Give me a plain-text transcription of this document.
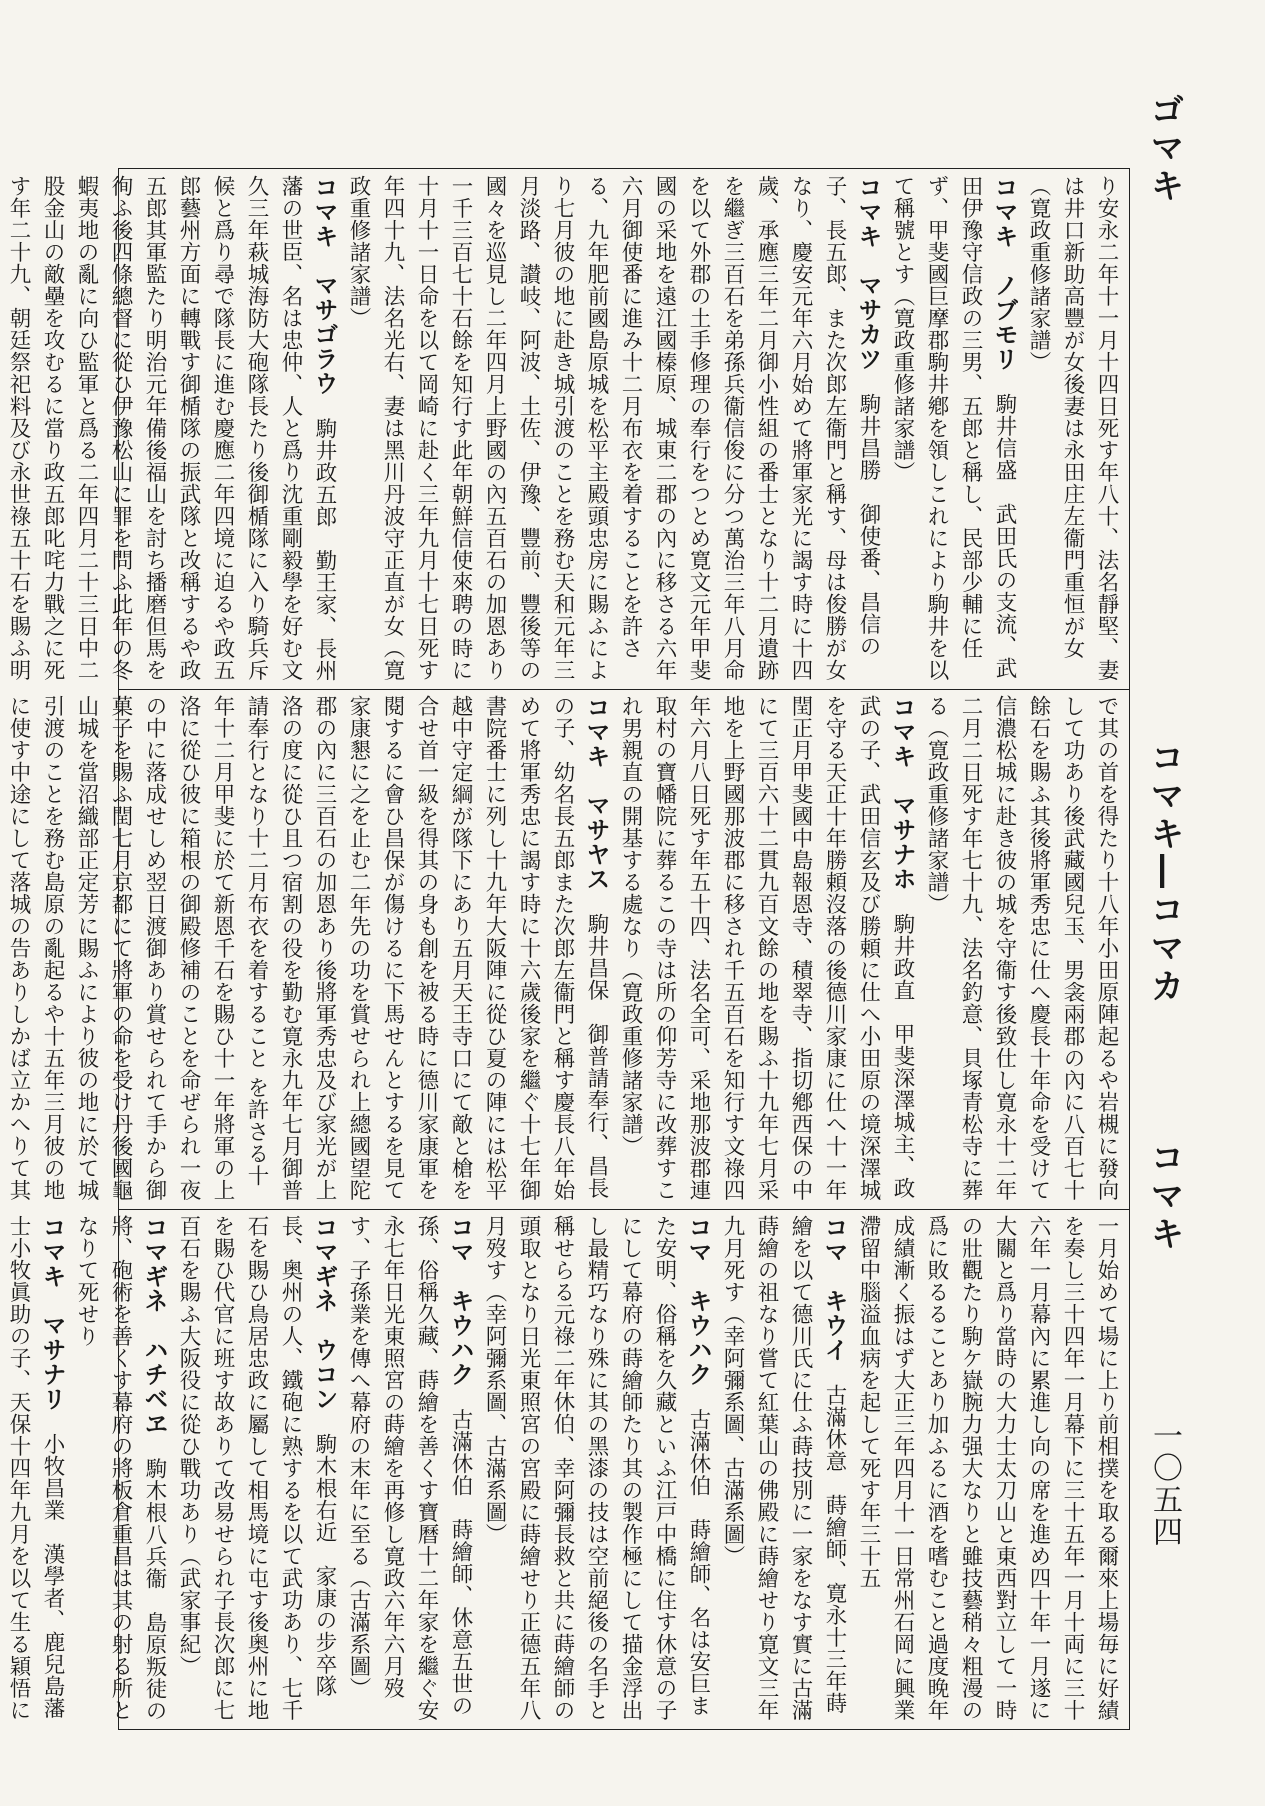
ゴマキ
コマキ―コマカ
コマキ
一〇五四

り安永二年十一月十四日死す年八十、法名靜堅、妻は井口新助高豐が女後妻は永田庄左衞門重恒が女（寛政重修諸家譜）

コマキ　ノブモリ　駒井信盛　武田氏の支流、武田伊豫守信政の三男、五郎と稱し、民部少輔に任ず、甲斐國巨摩郡駒井鄕を領しこれにより駒井を以て稱號とす（寛政重修諸家譜）

コマキ　マサカツ　駒井昌勝　御使番、昌信の子、長五郎、また次郎左衞門と稱す、母は俊勝が女なり、慶安元年六月始めて將軍家光に謁す時に十四歲、承應三年二月御小性組の番士となり十二月遺跡を繼ぎ三百石を弟孫兵衞信俊に分つ萬治三年八月命を以て外郡の土手修理の奉行をつとめ寛文元年甲斐國の采地を遠江國榛原、城東二郡の內に移さる六年六月御使番に進み十二月布衣を着することを許さる、九年肥前國島原城を松平主殿頭忠房に賜ふにより七月彼の地に赴き城引渡のことを務む天和元年三月淡路、讃岐、阿波、土佐、伊豫、豐前、豐後等の國々を巡見し二年四月上野國の內五百石の加恩あり一千三百七十石餘を知行す此年朝鮮信使來聘の時に十月十一日命を以て岡崎に赴く三年九月十七日死す年四十九、法名光右、妻は黑川丹波守正直が女（寛政重修諸家譜）

コマキ　マサゴラウ　駒井政五郎　勤王家、長州藩の世臣、名は忠仲、人と爲り沈重剛毅學を好む文久三年萩城海防大砲隊長たり後御楯隊に入り騎兵斥候と爲り尋で隊長に進む慶應二年四境に迫るや政五郎藝州方面に轉戰す御楯隊の振武隊と改稱するや政五郎其軍監たり明治元年備後福山を討ち播磨但馬を徇ふ後四條總督に從ひ伊豫松山に罪を問ふ此年の冬蝦夷地の亂に向ひ監軍と爲る二年四月二十三日中二股金山の敵壘を攻むるに當り政五郎叱咤力戰之に死す年二十九、朝廷祭祀料及び永世祿五十石を賜ふ明

で其の首を得たり十八年小田原陣起るや岩槻に發向して功あり後武藏國兒玉、男衾兩郡の內に八百七十餘石を賜ふ其後將軍秀忠に仕へ慶長十年命を受けて信濃松城に赴き彼の城を守衞す後致仕し寛永十二年二月二日死す年七十九、法名釣意、貝塚青松寺に葬る（寛政重修諸家譜）

コマキ　マサナホ　駒井政直　甲斐深澤城主、政武の子、武田信玄及び勝頼に仕へ小田原の境深澤城を守る天正十年勝頼沒落の後德川家康に仕へ十一年閏正月甲斐國中島報恩寺、積翠寺、指切鄕西保の中にて三百六十二貫九百文餘の地を賜ふ十九年七月采地を上野國那波郡に移され千五百石を知行す文祿四年六月八日死す年五十四、法名全可、采地那波郡連取村の寶幡院に葬るこの寺は所の仰芳寺に改葬すこれ男親直の開基する處なり（寛政重修諸家譜）

コマキ　マサヤス　駒井昌保　御普請奉行、昌長の子、幼名長五郎また次郎左衞門と稱す慶長八年始めて將軍秀忠に謁す時に十六歲後家を繼ぐ十七年御書院番士に列し十九年大阪陣に從ひ夏の陣には松平越中守定綱が隊下にあり五月天王寺口にて敵と槍を合せ首一級を得其の身も創を被る時に德川家康軍を閱するに會ひ昌保が傷けるに下馬せんとするを見て家康懇に之を止む二年先の功を賞せられ上總國望陀郡の內に三百石の加恩あり後將軍秀忠及び家光が上洛の度に從ひ且つ宿割の役を勤む寛永九年七月御普請奉行となり十二月布衣を着すること を許さる十年十二月甲斐に於て新恩千石を賜ひ十一年將軍の上洛に從ひ彼に箱根の御殿修補のことを命ぜられ一夜の中に落成せしめ翌日渡御あり賞せられて手から御菓子を賜ふ閏七月京都にて將軍の命を受け丹後國龜山城を當沼織部正定芳に賜ふにより彼の地に於て城引渡のことを務む島原の亂起るや十五年三月彼の地に使す中途にして落城の告ありしかば立かへりて其

一月始めて場に上り前相撲を取る爾來上場毎に好績を奏し三十四年一月幕下に三十五年一月十両に三十六年一月幕內に累進し向の席を進め四十年一月遂に大關と爲り當時の大力士太刀山と東西對立して一時の壯觀たり駒ケ嶽腕力强大なりと雖技藝稍々粗漫の爲に敗るることあり加ふるに酒を嗜むこと過度晚年成績漸く振はず大正三年四月十一日常州石岡に興業滯留中腦溢血病を起して死す年三十五

コマ　キウイ　古滿休意　蒔繪師、寛永十三年蒔繪を以て德川氏に仕ふ蒔技別に一家をなす實に古滿蒔繪の祖なり嘗て紅葉山の佛殿に蒔繪せり寛文三年九月死す（幸阿彌系圖、古滿系圖）

コマ　キウハク　古滿休伯　蒔繪師、名は安巨また安明、俗稱を久藏といふ江戸中橋に住す休意の子にして幕府の蒔繪師たり其の製作極にして描金浮出し最精巧なり殊に其の黑漆の技は空前絕後の名手と稱せらる元祿二年休伯、幸阿彌長救と共に蒔繪師の頭取となり日光東照宮の宮殿に蒔繪せり正德五年八月歿す（幸阿彌系圖、古滿系圖）

コマ　キウハク　古滿休伯　蒔繪師、休意五世の孫、俗稱久藏、蒔繪を善くす寶曆十二年家を繼ぐ安永七年日光東照宮の蒔繪を再修し寛政六年六月歿す、子孫業を傳へ幕府の末年に至る（古滿系圖）

コマギネ　ウコン　駒木根右近　家康の步卒隊長、奥州の人、鐵砲に熟するを以て武功あり、七千石を賜ひ鳥居忠政に屬して相馬境に屯す後奥州に地を賜ひ代官に班す故ありて改易せられ子長次郎に七百石を賜ふ大阪役に從ひ戰功あり（武家事紀）

コマギネ　ハチベヱ　駒木根八兵衞　島原叛徒の將、砲術を善くす幕府の將板倉重昌は其の射る所となりて死せり

コマキ　マサナリ　小牧昌業　漢學者、鹿兒島藩士小牧眞助の子、天保十四年九月を以て生る穎悟に
